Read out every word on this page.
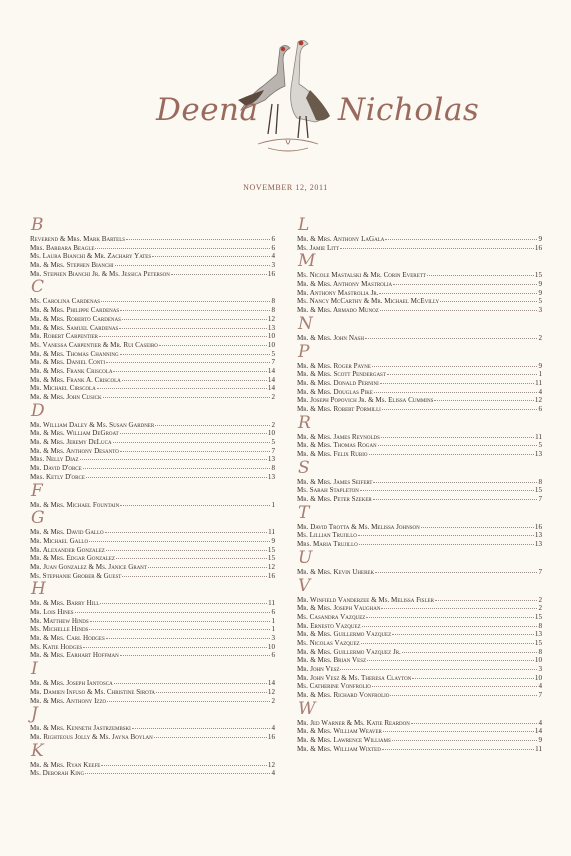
Deena	Nicholas
NOVEMBER 12, 2011
B
Reverend & Mrs. Mark Bartels	6
Mrs. Barbara Beagle	6
Ms. Laura Bianchi & Mr. Zachary Yates	4
Mr. & Mrs. Stephen Bianchi	3
Mr. Stephen Bianchi Jr. & Ms. Jessica Peterson	16
C
Ms. Carolina Cardenas	8
Mr. & Mrs. Philippe Cardenas	8
Mr. & Mrs. Roberto Cardenas	12
Mr. & Mrs. Samuel Cardenas	13
Mr. Robert Carpentier	10
Ms. Vanessa Carpentier & Mr. Rui Caseiro	10
Mr. & Mrs. Thomas Channing	5
Mr. & Mrs. Daniel Conti	7
Mr. & Mrs. Frank Criscola	14
Mr. & Mrs. Frank A. Criscola	14
Mr. Michael Cirscola	14
Mr. & Mrs. John Cusick	2
D
Mr. William Daley & Ms. Susan Gardner	2
Mr. & Mrs. William DeGroat	10
Mr. & Mrs. Jeremy DeLuca	5
Mr. & Mrs. Anthony Desanto	7
Mrs. Nelly Diaz	13
Mr. David D'orce	8
Mrs. Ketly D'orce	13
F
Mr. & Mrs. Michael Fountain	1
G
Mr. & Mrs. David Gallo	11
Mr. Michael Gallo	9
Mr. Alexander Gonzalez	15
Mr. & Mrs. Edgar Gonzalez	15
Mr. Juan Gonzalez & Ms. Janice Grant	12
Ms. Stephanie Grober & Guest	16
H
Mr. & Mrs. Barry Hill	11
Mr. Lois Hines	6
Mr. Matthew Hinds	1
Ms. Michelle Hinds	1
Mr. & Mrs. Carl Hodges	3
Ms. Katie Hodges	10
Mr. & Mrs. Earhart Hoffman	6
I
Mr. & Mrs. Joseph Iantosca	14
Mr. Damien Infuso & Ms. Christine Sirota	12
Mr. & Mrs. Anthony Izzo	2
J
Mr. & Mrs. Kenneth Jastrzembski	4
Mr. Righteous Jolly & Ms. Jayna Boylan	16
K
Mr. & Mrs. Ryan Keefe	12
Ms. Deborah King	4
L
Mr. & Mrs. Anthony LaGala	9
Ms. Jamie Litt	16
M
Ms. Nicole Mastalski & Mr. Corin Everett	15
Mr. & Mrs. Anthony Mastrolia	9
Mr. Anthony Mastrolia Jr.	9
Ms. Nancy McCarthy & Mr. Michael McEvilly	5
Mr. & Mrs. Armado Munoz	3
N
Mr. & Mrs. John Nash	2
P
Mr. & Mrs. Roger Payne	9
Mr. & Mrs. Scott Pendergast	1
Mr. & Mrs. Donald Pernini	11
Mr. & Mrs. Douglas Pike	4
Mr. Joseph Popovich Jr. & Ms. Elissa Cummins	12
Mr. & Mrs. Robert Pormilli	6
R
Mr. & Mrs. James Reynolds	11
Mr. & Mrs. Thomas Rogan	5
Mr. & Mrs. Felix Rubio	13
S
Mr. & Mrs. James Seifert	8
Ms. Sarah Stapleton	15
Mr. & Mrs. Peter Szeker	7
T
Mr. David Trotta & Ms. Melissa Johnson	16
Ms. Lillian Trujillo	13
Mrs. Maria Trujillo	13
U
Mr. & Mrs. Kevin Uherek	7
V
Mr. Winfield Vanderzee & Ms. Melissa Fisler	2
Mr. & Mrs. Joseph Vaughan	2
Ms. Casandra Vazquez	15
Mr. Ernesto Vazquez	8
Mr. & Mrs. Guillermo Vazquez	13
Ms. Nicolas Vazquez	15
Mr. & Mrs. Guillermo Vazquez Jr.	8
Mr. & Mrs. Brian Vesz	10
Mr. John Vesz	3
Mr. John Vesz & Ms. Theresa Clayton	10
Ms. Catherine Vonfrolio	4
Mr. & Mrs. Richard Vonfrolio	7
W
Mr. Jed Warner & Ms. Katie Reardon	4
Mr. & Mrs. William Weaver	14
Mr. & Mrs. Lawrence Williams	9
Mr. & Mrs. William Wixted	11
